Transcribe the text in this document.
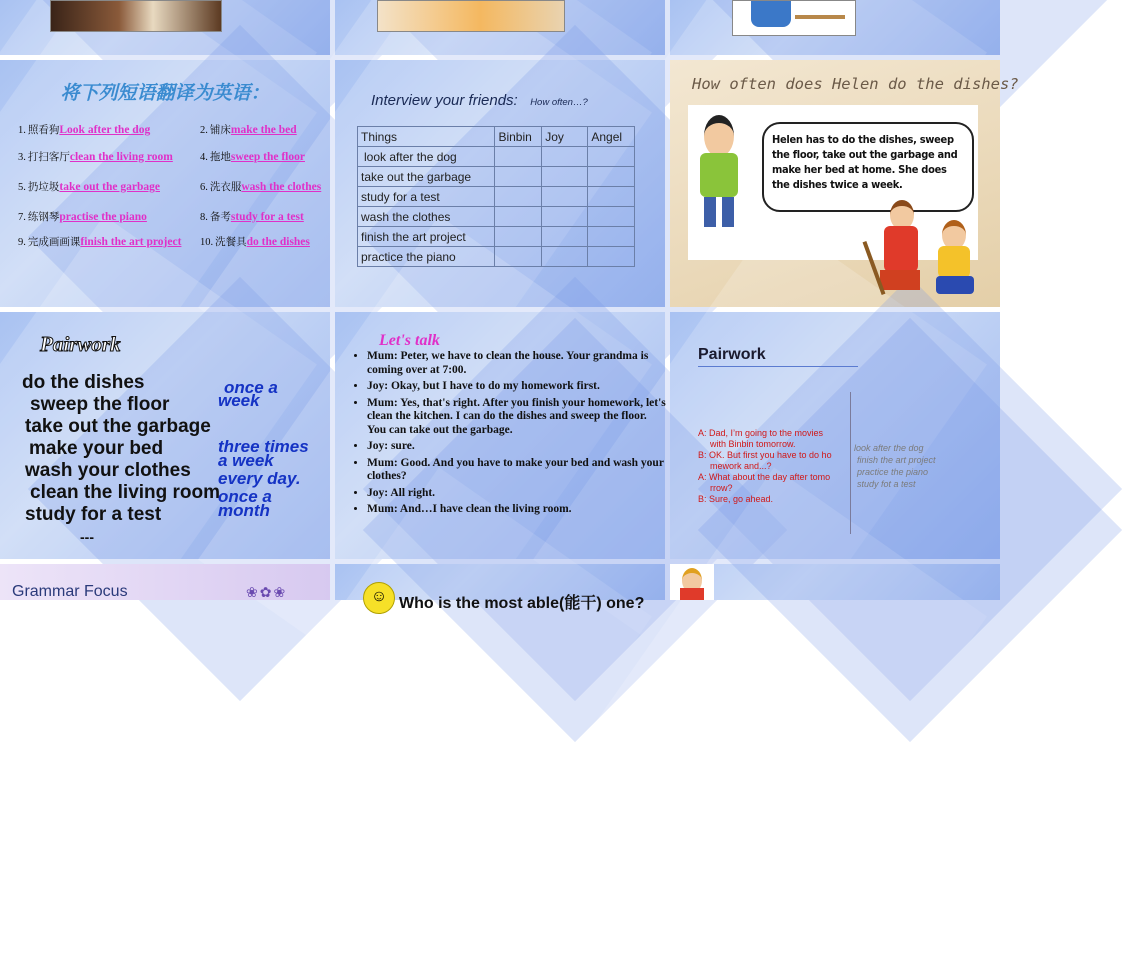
将下列短语翻译为英语：
1. 照看狗Look after the dog	2. 铺床make the bed
3. 打扫客厅clean the living room	4. 拖地sweep the floor
5. 扔垃圾take out the garbage	6. 洗衣服wash the clothes
7. 练钢琴practise the piano	8. 备考study for a test
9. 完成画画课finish the art project 10. 洗餐具do the dishes
Interview your friends: How often…?
Things	Binbin	Joy	Angel
look after the dog			
take out the garbage			
study for a test			
wash the clothes			
finish the art project			
practice the piano			
How often does Helen do the dishes?
Helen has to do the dishes, sweep the floor, take out the garbage and make her bed at home. She does the dishes twice a week.
Pairwork
do the dishes
sweep the floor
take out the garbage
make your bed
wash your clothes
clean the living room
study for a test
---
once a
week
three times
a week
every day.
once a
month
Let's talk
• Mum: Peter, we have to clean the house. Your grandma is coming over at 7:00.
• Joy: Okay, but I have to do my homework first.
• Mum: Yes, that's right. After you finish your homework, let's clean the kitchen. I can do the dishes and sweep the floor. You can take out the garbage.
• Joy: sure.
• Mum: Good. And you have to make your bed and wash your clothes?
• Joy: All right.
• Mum: And…I have clean the living room.
Pairwork
A: Dad, I’m going to the movies
with Binbin tomorrow.
B: OK. But first you have to do ho
mework and...?
A: What about the day after tomo
rrow?
B: Sure, go ahead.
look after the dog
finish the art project
practice the piano
study fot a test
Grammar Focus	❀✿❀	☺ Who is the most able(能干) one?
